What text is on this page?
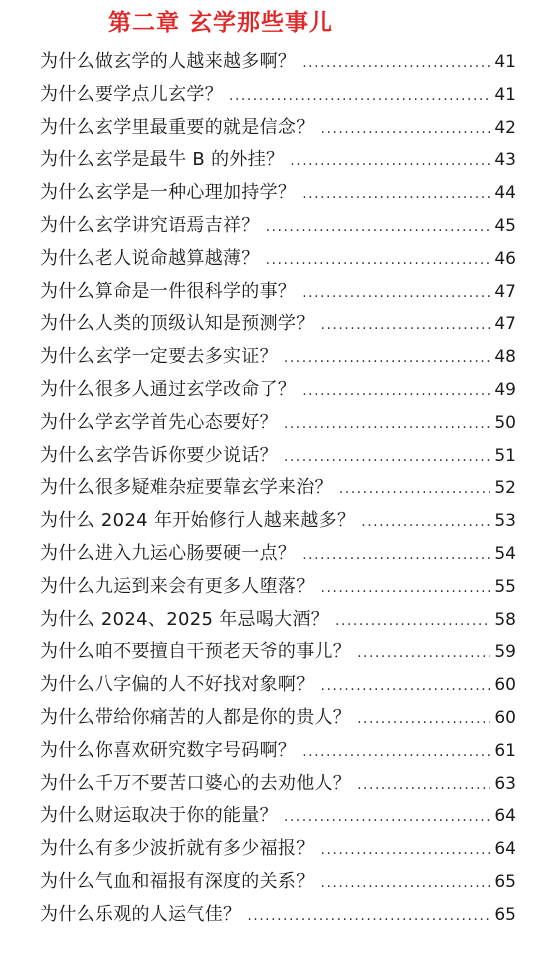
第二章 玄学那些事儿
为什么做玄学的人越来越多啊？ .....	41
为什么要学点儿玄学？ .....	41
为什么玄学里最重要的就是信念？ .....	42
为什么玄学是最牛 B 的外挂？ .....	43
为什么玄学是一种心理加持学？ .....	44
为什么玄学讲究语焉吉祥？ .....	45
为什么老人说命越算越薄？ .....	46
为什么算命是一件很科学的事？ .....	47
为什么人类的顶级认知是预测学？ .....	47
为什么玄学一定要去多实证？ .....	48
为什么很多人通过玄学改命了？ .....	49
为什么学玄学首先心态要好？ .....	50
为什么玄学告诉你要少说话？ .....	51
为什么很多疑难杂症要靠玄学来治？ .....	52
为什么 2024 年开始修行人越来越多？ .....	53
为什么进入九运心肠要硬一点？ .....	54
为什么九运到来会有更多人堕落？ .....	55
为什么 2024、2025 年忌喝大酒？ .....	58
为什么咱不要擅自干预老天爷的事儿？ .....	59
为什么八字偏的人不好找对象啊？ .....	60
为什么带给你痛苦的人都是你的贵人？ .....	60
为什么你喜欢研究数字号码啊？ .....	61
为什么千万不要苦口婆心的去劝他人？ .....	63
为什么财运取决于你的能量？ .....	64
为什么有多少波折就有多少福报？ .....	64
为什么气血和福报有深度的关系？ .....	65
为什么乐观的人运气佳？ .....	65
